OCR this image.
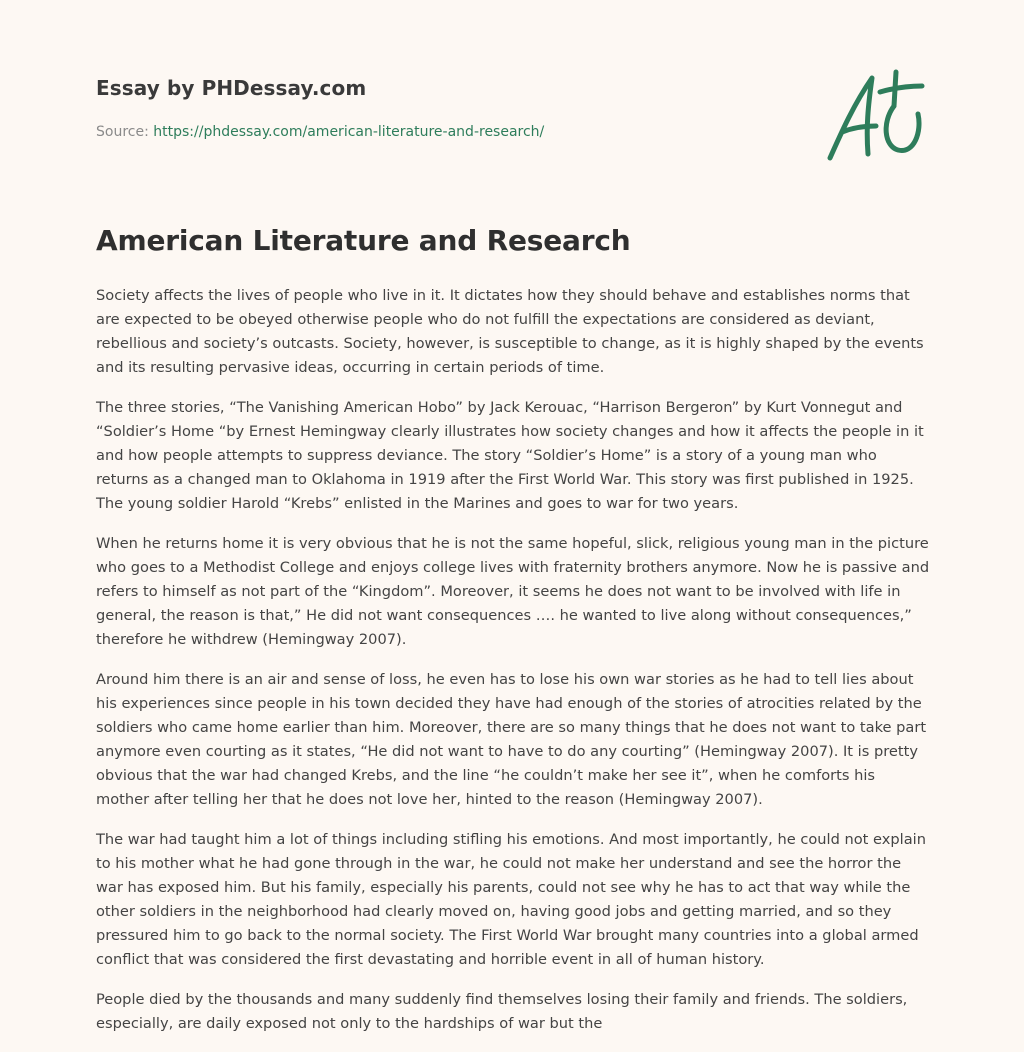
Essay by PHDessay.com
Source: https://phdessay.com/american-literature-and-research/
American Literature and Research

Society affects the lives of people who live in it. It dictates how they should behave and establishes norms that are expected to be obeyed otherwise people who do not fulfill the expectations are considered as deviant, rebellious and society’s outcasts. Society, however, is susceptible to change, as it is highly shaped by the events and its resulting pervasive ideas, occurring in certain periods of time.

The three stories, “The Vanishing American Hobo” by Jack Kerouac, “Harrison Bergeron” by Kurt Vonnegut and “Soldier’s Home “by Ernest Hemingway clearly illustrates how society changes and how it affects the people in it and how people attempts to suppress deviance. The story “Soldier’s Home” is a story of a young man who returns as a changed man to Oklahoma in 1919 after the First World War. This story was first published in 1925. The young soldier Harold “Krebs” enlisted in the Marines and goes to war for two years.

When he returns home it is very obvious that he is not the same hopeful, slick, religious young man in the picture who goes to a Methodist College and enjoys college lives with fraternity brothers anymore. Now he is passive and refers to himself as not part of the “Kingdom”. Moreover, it seems he does not want to be involved with life in general, the reason is that,” He did not want consequences …. he wanted to live along without consequences,” therefore he withdrew (Hemingway 2007).

Around him there is an air and sense of loss, he even has to lose his own war stories as he had to tell lies about his experiences since people in his town decided they have had enough of the stories of atrocities related by the soldiers who came home earlier than him. Moreover, there are so many things that he does not want to take part anymore even courting as it states, “He did not want to have to do any courting” (Hemingway 2007). It is pretty obvious that the war had changed Krebs, and the line “he couldn’t make her see it”, when he comforts his mother after telling her that he does not love her, hinted to the reason (Hemingway 2007).

The war had taught him a lot of things including stifling his emotions. And most importantly, he could not explain to his mother what he had gone through in the war, he could not make her understand and see the horror the war has exposed him. But his family, especially his parents, could not see why he has to act that way while the other soldiers in the neighborhood had clearly moved on, having good jobs and getting married, and so they pressured him to go back to the normal society. The First World War brought many countries into a global armed conflict that was considered the first devastating and horrible event in all of human history.

People died by the thousands and many suddenly find themselves losing their family and friends. The soldiers, especially, are daily exposed not only to the hardships of war but the
